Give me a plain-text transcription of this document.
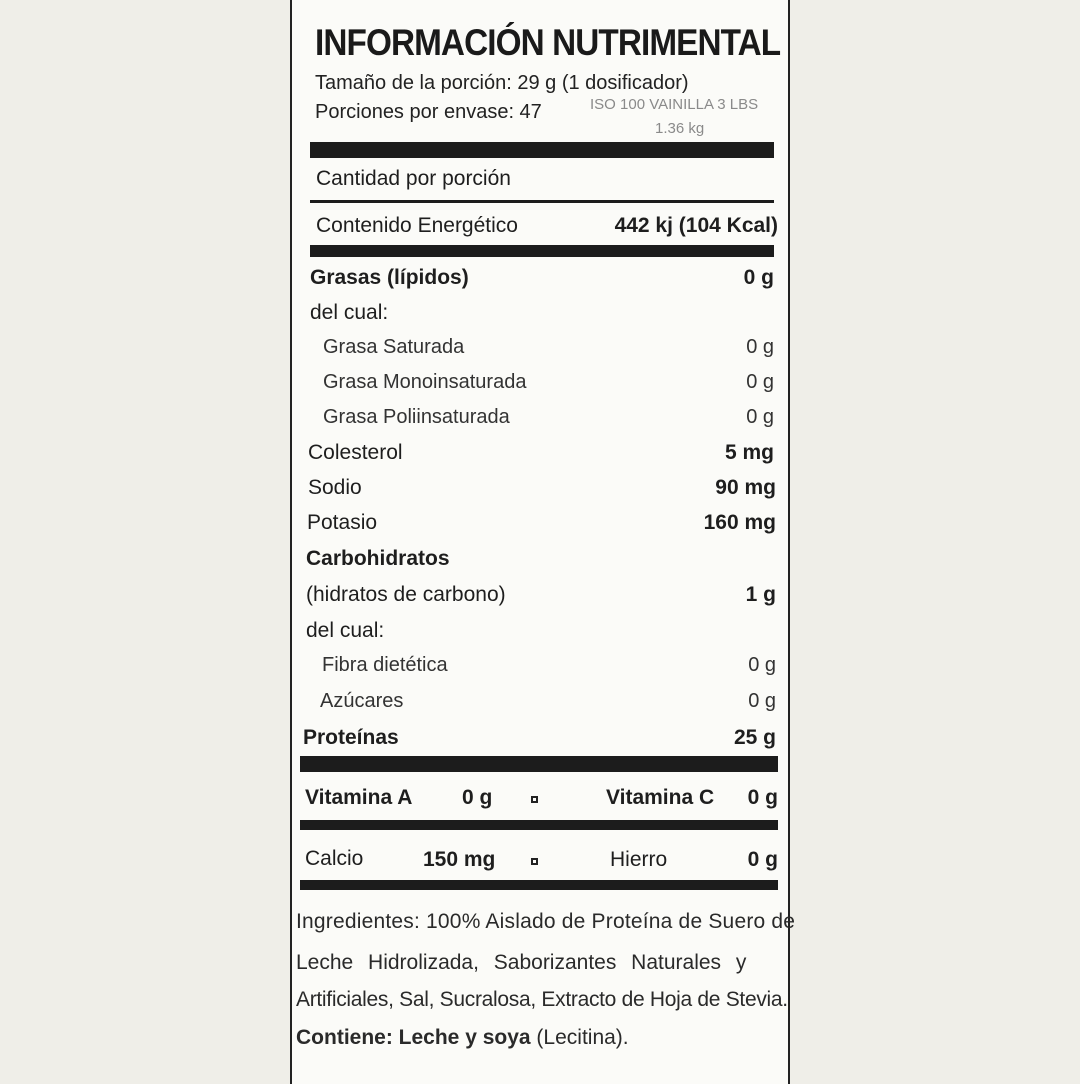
INFORMACIÓN NUTRIMENTAL
Tamaño de la porción: 29 g (1 dosificador)
Porciones por envase: 47	ISO 100 VAINILLA 3 LBS
1.36 kg
Cantidad por porción
Contenido Energético	442 kj (104 Kcal)
Grasas (lípidos)	0 g
del cual:
Grasa Saturada	0 g
Grasa Monoinsaturada	0 g
Grasa Poliinsaturada	0 g
Colesterol	5 mg
Sodio	90 mg
Potasio	160 mg
Carbohidratos
(hidratos de carbono)	1 g
del cual:
Fibra dietética	0 g
Azúcares	0 g
Proteínas	25 g
Vitamina A 0 g	Vitamina C 0 g
Calcio	150 mg	Hierro	0 g
Ingredientes: 100% Aislado de Proteína de Suero de
Leche Hidrolizada, Saborizantes Naturales y
Artificiales, Sal, Sucralosa, Extracto de Hoja de Stevia.
Contiene: Leche y soya (Lecitina).
